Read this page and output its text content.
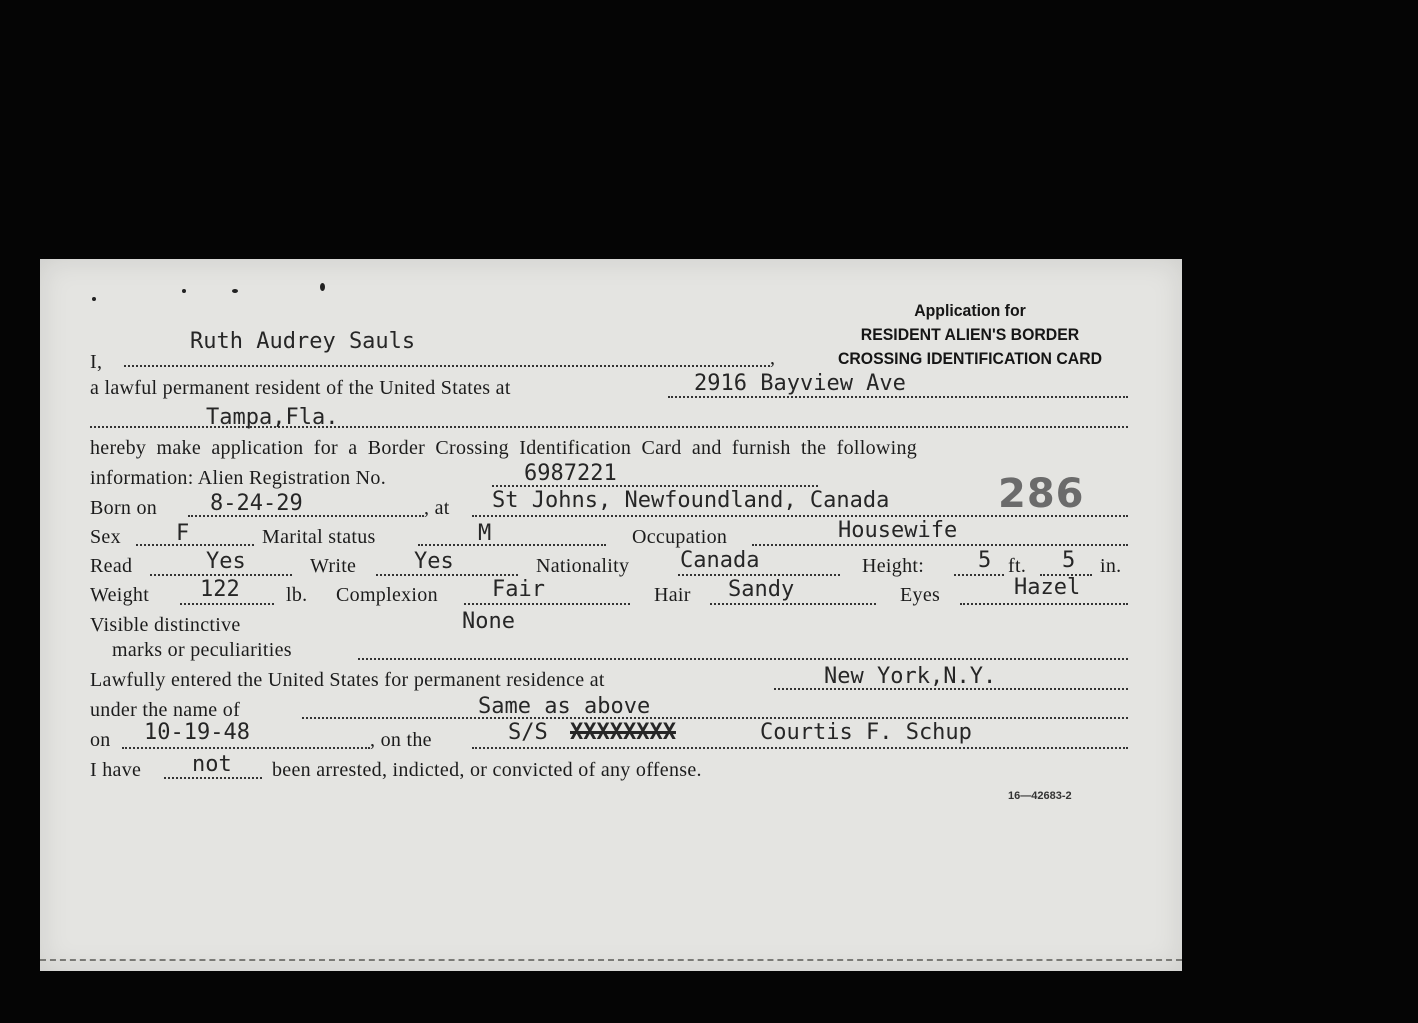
Application for
RESIDENT ALIEN'S BORDER
CROSSING IDENTIFICATION CARD
I,	,
Ruth Audrey Sauls
a lawful permanent resident of the United States at	2916 Bayview Ave
Tampa,Fla.
hereby make application for a Border Crossing Identification Card and furnish the following
information: Alien Registration No.	6987221
Born on 8-24-29	, at St Johns, Newfoundland, Canada	286
Sex	F	Marital status	M	Occupation	Housewife
Read	Yes	Write	Yes	Nationality Canada	Height: 5 ft. 5 in.
Weight 122 lb. Complexion Fair	Hair Sandy	Eyes	Hazel
Visible distinctive	None
marks or peculiarities
Lawfully entered the United States for permanent residence at	New York,N.Y.
under the name of	Same as above
on 10-19-48	, on the	S/S XXXXXXXX	Courtis F. Schup
I have not been arrested, indicted, or convicted of any offense.
16—42683-2
